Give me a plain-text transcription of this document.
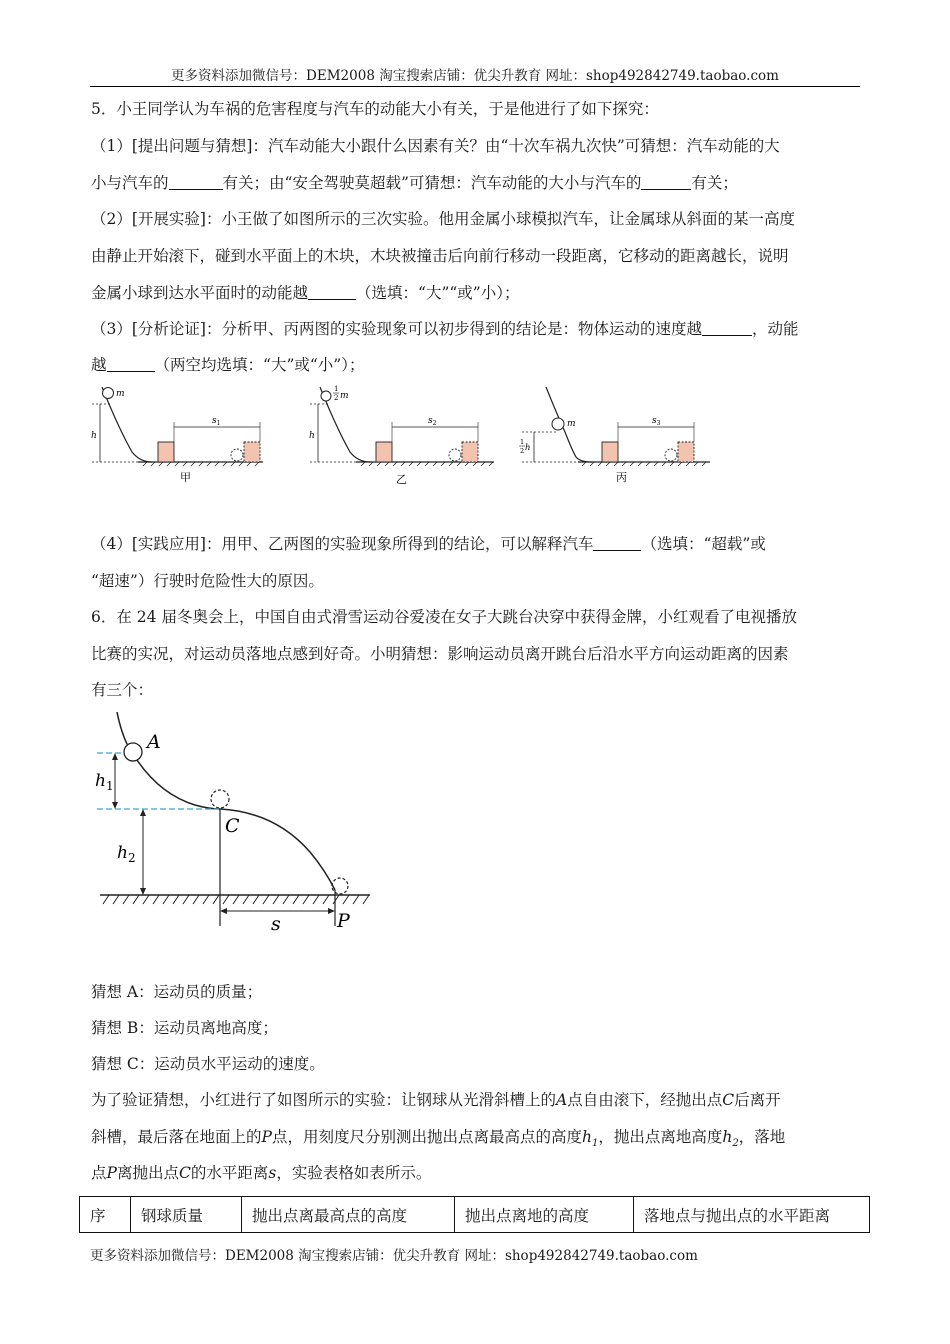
更多资料添加微信号：DEM2008 淘宝搜索店铺：优尖升教育 网址：shop492842749.taobao.com
5．小王同学认为车祸的危害程度与汽车的动能大小有关，于是他进行了如下探究：
（1）[提出问题与猜想]：汽车动能大小跟什么因素有关？由“十次车祸九次快”可猜想：汽车动能的大
小与汽车的	有关；由“安全驾驶莫超载”可猜想：汽车动能的大小与汽车的	有关；
（2）[开展实验]：小王做了如图所示的三次实验。他用金属小球模拟汽车，让金属球从斜面的某一高度
由静止开始滚下，碰到水平面上的木块，木块被撞击后向前行移动一段距离，它移动的距离越长，说明
金属小球到达水平面时的动能越	（选填：“大”“或”小）；
（3）[分析论证]：分析甲、丙两图的实验现象可以初步得到的结论是：物体运动的速度越	，动能
越	（两空均选填：“大”或“小”）；
m
h
$s_1$
甲
1
2 m
h
$s_2$
乙
m
1
2 h
$s_3$
丙
（4）[实践应用]：用甲、乙两图的实验现象所得到的结论，可以解释汽车	（选填：“超载”或
“超速”）行驶时危险性大的原因。
6．在 24 届冬奥会上，中国自由式滑雪运动谷爱凌在女子大跳台决穿中获得金牌，小红观看了电视播放
比赛的实况，对运动员落地点感到好奇。小明猜想：影响运动员离开跳台后沿水平方向运动距离的因素
有三个：
A
C
P
$h_1$
$h_2$
s
猜想 A：运动员的质量；
猜想 B：运动员离地高度；
猜想 C：运动员水平运动的速度。
为了验证猜想，小红进行了如图所示的实验：让钢球从光滑斜槽上的A点自由滚下，经抛出点C后离开
斜槽，最后落在地面上的P点，用刻度尺分别测出抛出点离最高点的高度$h_1$，抛出点离地高度$h_2$，落地
点P离抛出点C的水平距离s，实验表格如表所示。
序	钢球质量	抛出点离最高点的高度	抛出点离地的高度	落地点与抛出点的水平距离
更多资料添加微信号：DEM2008 淘宝搜索店铺：优尖升教育 网址：shop492842749.taobao.com
